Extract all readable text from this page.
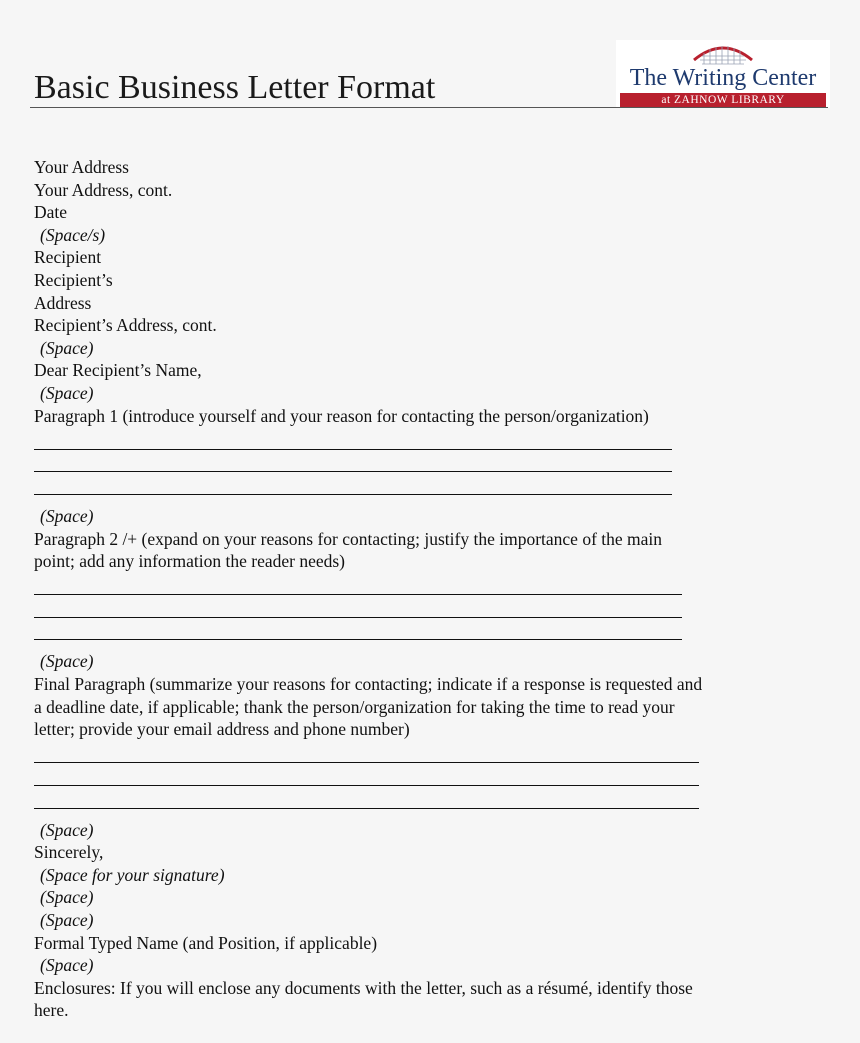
Basic Business Letter Format	The Writing Center
at ZAHNOW LIBRARY
Your Address
Your Address, cont.
Date
(Space/s)
Recipient
Recipient’s
Address
Recipient’s Address, cont.
(Space)
Dear Recipient’s Name,
(Space)
Paragraph 1 (introduce yourself and your reason for contacting the person/organization)
(Space)
Paragraph 2 /+ (expand on your reasons for contacting; justify the importance of the main
point; add any information the reader needs)
(Space)
Final Paragraph (summarize your reasons for contacting; indicate if a response is requested and
a deadline date, if applicable; thank the person/organization for taking the time to read your
letter; provide your email address and phone number)
(Space)
Sincerely,
(Space for your signature)
(Space)
(Space)
Formal Typed Name (and Position, if applicable)
(Space)
Enclosures: If you will enclose any documents with the letter, such as a résumé, identify those
here.
